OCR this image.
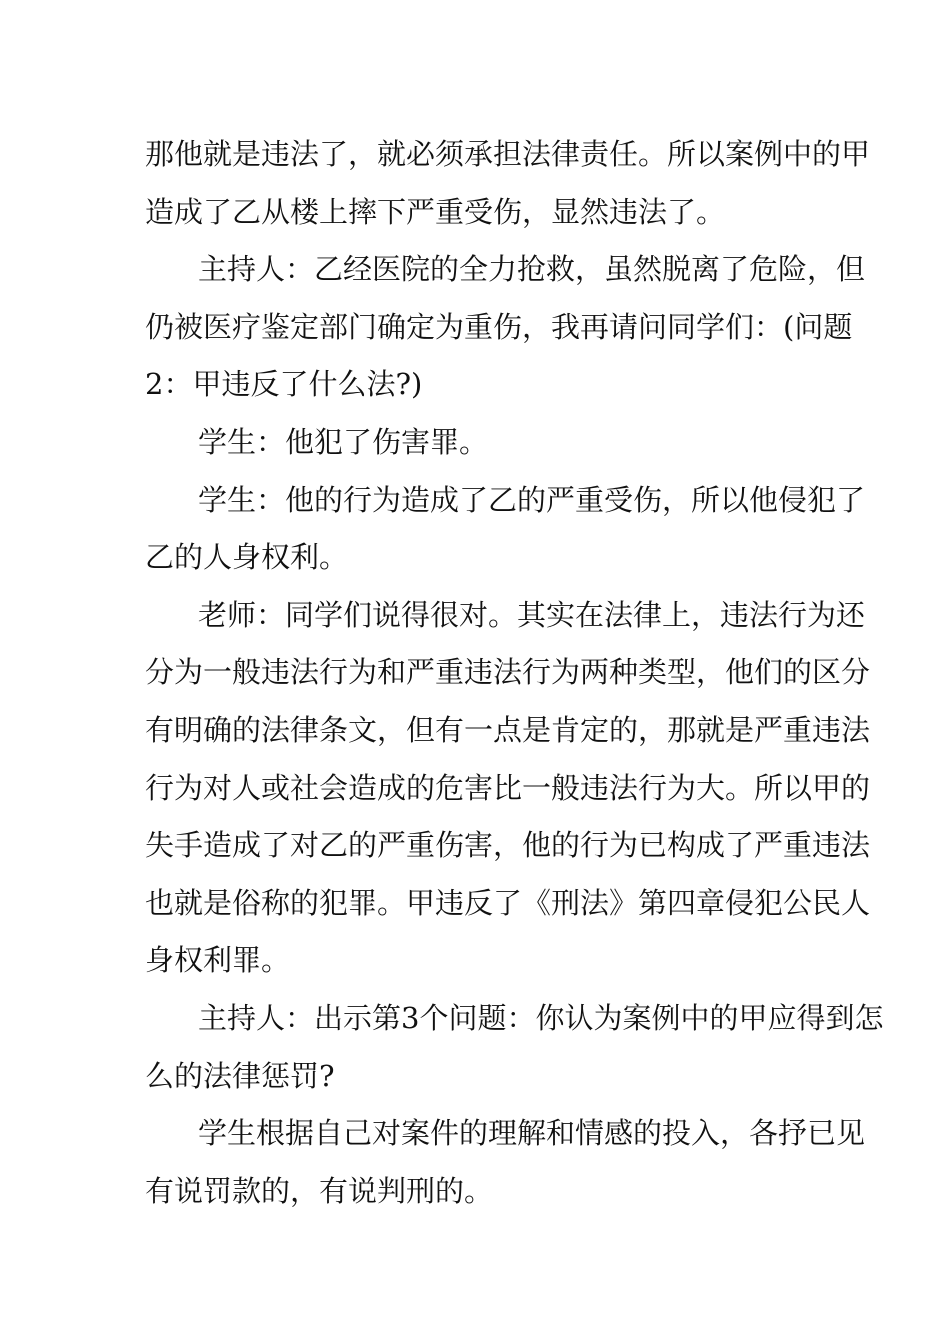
那他就是违法了，就必须承担法律责任。所以案例中的甲
造成了乙从楼上摔下严重受伤，显然违法了。
主持人：乙经医院的全力抢救，虽然脱离了危险，但
仍被医疗鉴定部门确定为重伤，我再请问同学们：(问题
2：甲违反了什么法?)
学生：他犯了伤害罪。
学生：他的行为造成了乙的严重受伤，所以他侵犯了
乙的人身权利。
老师：同学们说得很对。其实在法律上，违法行为还
分为一般违法行为和严重违法行为两种类型，他们的区分
有明确的法律条文，但有一点是肯定的，那就是严重违法
行为对人或社会造成的危害比一般违法行为大。所以甲的
失手造成了对乙的严重伤害，他的行为已构成了严重违法
也就是俗称的犯罪。甲违反了《刑法》第四章侵犯公民人
身权利罪。
主持人：出示第3个问题：你认为案例中的甲应得到怎
么的法律惩罚?
学生根据自己对案件的理解和情感的投入，各抒已见
有说罚款的，有说判刑的。
